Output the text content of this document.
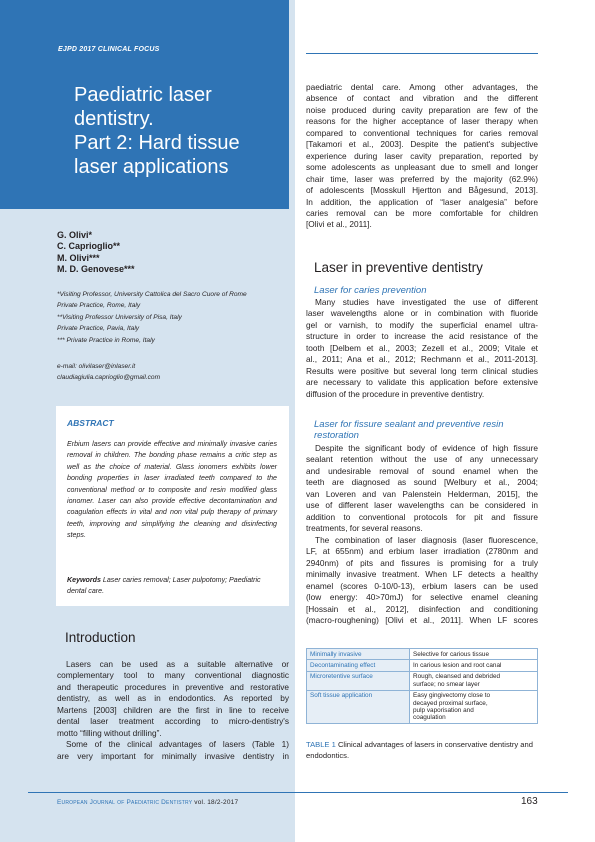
EJPD 2017 CLINICAL FOCUS
Paediatric laser
dentistry.
Part 2: Hard tissue
laser applications
G. Olivi*
C. Caprioglio**
M. Olivi***
M. D. Genovese***
*Visiting Professor, University Cattolica del Sacro Cuore of Rome
Private Practice, Rome, Italy
**Visiting Professor University of Pisa, Italy
Private Practice, Pavia, Italy
*** Private Practice in Rome, Italy
e-mail: olivilaser@inlaser.it
claudiagiulia.caprioglio@gmail.com
ABSTRACT

Erbium lasers can provide effective and minimally invasive caries removal in children. The bonding phase remains a critic step as well as the choice of material. Glass ionomers exhibits lower bonding properties in laser irradiated teeth compared to the conventional method or to composite and resin modified glass ionomer. Laser can also provide effective decontamination and coagulation effects in vital and non vital pulp therapy of primary teeth, improving and simplifying the cleaning and disinfecting steps.

Keywords Laser caries removal; Laser pulpotomy; Paediatric dental care.

Introduction
Lasers can be used as a suitable alternative or
complementary tool to many conventional diagnostic
and therapeutic procedures in preventive and restorative
dentistry, as well as in endodontics. As reported by
Martens [2003] children are the first in line to receive
dental laser treatment according to micro-dentistry's
motto “filling without drilling”.
Some of the clinical advantages of lasers (Table 1)
are very important for minimally invasive dentistry in
paediatric dental care. Among other advantages, the
absence of contact and vibration and the different
noise produced during cavity preparation are few of the
reasons for the higher acceptance of laser therapy when
compared to conventional techniques for caries removal
[Takamori et al., 2003]. Despite the patient's subjective
experience during laser cavity preparation, reported by
some adolescents as unpleasant due to smell and longer
chair time, laser was preferred by the majority (62.9%)
of adolescents [Mosskull Hjertton and Bågesund, 2013].
In addition, the application of “laser analgesia” before
caries removal can be more comfortable for children
[Olivi et al., 2011].
Laser in preventive dentistry
Laser for caries prevention
Many studies have investigated the use of different
laser wavelengths alone or in combination with fluoride
gel or varnish, to modify the superficial enamel ultra-
structure in order to increase the acid resistance of the
tooth [Delbem et al., 2003; Zezell et al., 2009; Vitale et
al., 2011; Ana et al., 2012; Rechmann et al., 2011-2013].
Results were positive but several long term clinical studies
are necessary to validate this application before extensive
diffusion of the procedure in preventive dentistry.
Laser for fissure sealant and preventive resin
restoration
Despite the significant body of evidence of high fissure
sealant retention without the use of any unnecessary
and undesirable removal of sound enamel when the
teeth are diagnosed as sound [Welbury et al., 2004;
van Loveren and van Palenstein Helderman, 2015], the
use of different laser wavelengths can be considered in
addition to conventional protocols for pit and fissure
treatments, for several reasons.
The combination of laser diagnosis (laser fluorescence,
LF, at 655nm) and erbium laser irradiation (2780nm and
2940nm) of pits and fissures is promising for a truly
minimally invasive treatment. When LF detects a healthy
enamel (scores 0-10/0-13), erbium lasers can be used
(low energy: 40>70mJ) for selective enamel cleaning
[Hossain et al., 2012], disinfection and conditioning
(macro-roughening) [Olivi et al., 2011]. When LF scores
Minimally invasive	Selective for carious tissue

Decontaminating effect	In carious lesion and root canal

Microretentive surface	Rough, cleansed and debrided
surface; no smear layer

Soft tissue application	Easy gingivectomy close to
decayed proximal surface,
pulp vaporisation and
coagulation

TABLE 1 Clinical advantages of lasers in conservative dentistry and endodontics.

European Journal of Paediatric Dentistry vol. 18/2-2017	163
